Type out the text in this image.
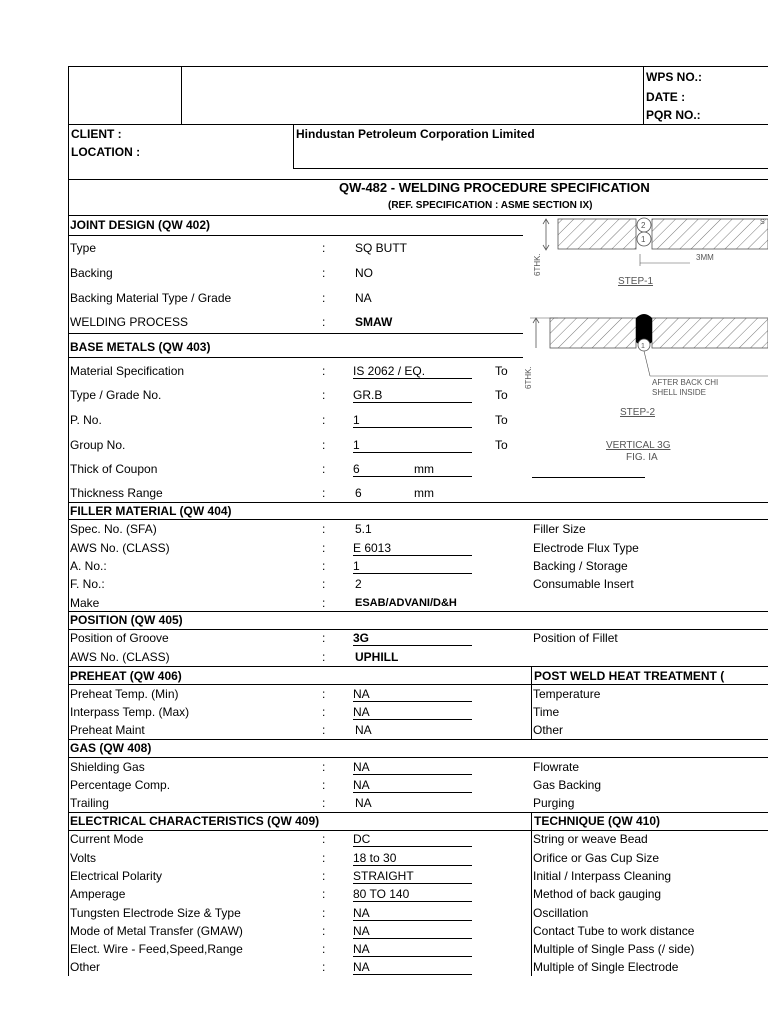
WPS NO.:
DATE :
PQR NO.:
CLIENT :
LOCATION :
Hindustan Petroleum Corporation Limited
QW-482 - WELDING PROCEDURE SPECIFICATION
(REF. SPECIFICATION : ASME SECTION IX)
JOINT DESIGN (QW 402)
Type	: SQ BUTT
Backing	: NO
Backing Material Type / Grade	: NA
WELDING PROCESS	: SMAW
BASE METALS (QW 403)
Material Specification	: IS 2062 / EQ.	To
Type / Grade No.	: GR.B	To
P. No.	: 1	To
Group No.	: 1	To
Thick of Coupon	: 6	mm
Thickness Range	: 6	mm
6THK.
2
1
3MM
STEP-1
S
6THK.
1
AFTER BACK CHI
SHELL INSIDE
STEP-2
VERTICAL 3G
FIG. IA
FILLER MATERIAL (QW 404)
Spec. No. (SFA)	: 5.1	Filler Size
AWS No. (CLASS)	: E 6013	Electrode Flux Type
A. No.:	: 1	Backing / Storage
F. No.:	: 2	Consumable Insert
Make	:	ESAB/ADVANI/D&H
POSITION (QW 405)
Position of Groove	: 3G	Position of Fillet
AWS No. (CLASS)	: UPHILL
PREHEAT (QW 406)	POST WELD HEAT TREATMENT (
Preheat Temp. (Min)	: NA	Temperature
Interpass Temp. (Max)	: NA	Time
Preheat Maint	: NA	Other
GAS (QW 408)
Shielding Gas	: NA	Flowrate
Percentage Comp.	: NA	Gas Backing
Trailing	: NA	Purging
ELECTRICAL CHARACTERISTICS (QW 409)	TECHNIQUE (QW 410)
Current Mode	: DC	String or weave Bead
Volts	: 18 to 30	Orifice or Gas Cup Size
Electrical Polarity	: STRAIGHT	Initial / Interpass Cleaning
Amperage	: 80 TO 140	Method of back gauging
Tungsten Electrode Size & Type	: NA	Oscillation
Mode of Metal Transfer (GMAW)	: NA	Contact Tube to work distance
Elect. Wire - Feed,Speed,Range	: NA	Multiple of Single Pass (/ side)
Other	: NA	Multiple of Single Electrode
